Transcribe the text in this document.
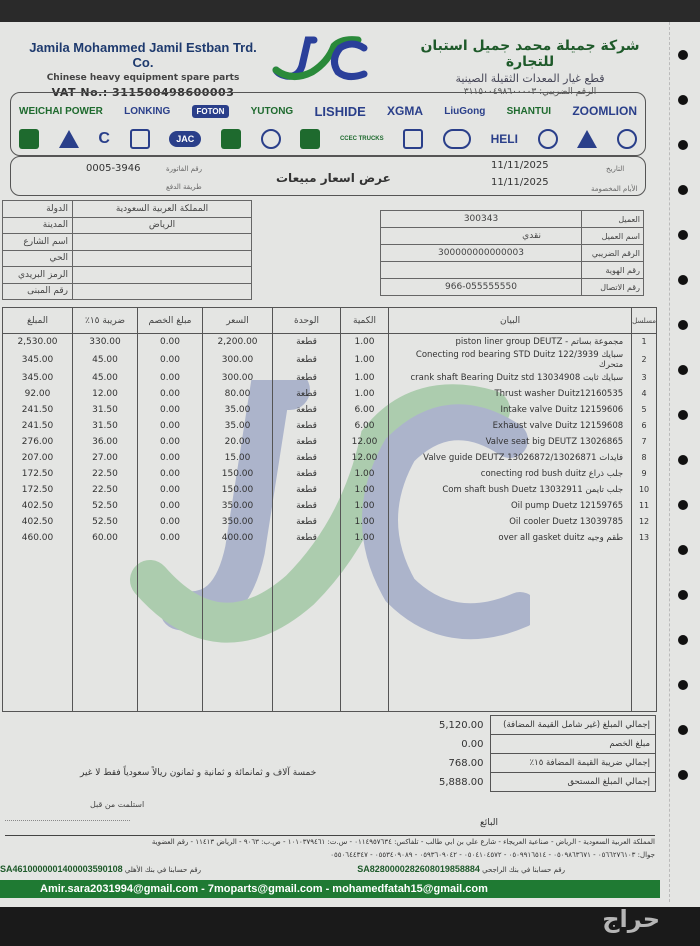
Jamila Mohammed Jamil Estban Trd. Co.
Chinese heavy equipment spare parts
VAT No.: 311500498600003
شركة جميلة محمد جميل استبان للتجارة
قطع غيار المعدات الثقيلة الصينية
الرقم الضريبي: ٣١١٥٠٠٤٩٨٦٠٠٠٠٣
WEICHAI POWER LONKING	FOTON	YUTONG LISHIDE XGMA LiuGong SHANTUI ZOOMLION
C	JAC	CCEC TRUCKS	HELI
0005-3946	رقم الفاتورة
طريقة الدفع
عرض اسعار مبيعات
11/11/2025	التاريخ
11/11/2025
الأيام المخصومة
الدولة	المملكة العربية السعودية
المدينة	الرياض
اسم الشارع	
الحي	
الرمز البريدي	
رقم المبنى	
300343	العميل
نقدي	اسم العميل
300000000000003	الرقم الضريبي
	رقم الهوية
966-055555550	رقم الاتصال
المبلغ	ضريبة ١٥٪	مبلغ الخصم	السعر	الوحدة	الكمية	البيان	مسلسل
2,530.00	330.00	0.00	2,200.00	قطعة	1.00	piston liner group DEUTZ - مجموعة بساتم	1
345.00	45.00	0.00	300.00	قطعة	1.00	Conecting rod bearing STD Duitz 122/3939 سبايك متحرك	2
345.00	45.00	0.00	300.00	قطعة	1.00	crank shaft Bearing Duitz std 13034908 سبايك ثابت	3
92.00	12.00	0.00	80.00	قطعة	1.00	Thrust washer Duitz12160535	4
241.50	31.50	0.00	35.00	قطعة	6.00	Intake valve Duitz 12159606	5
241.50	31.50	0.00	35.00	قطعة	6.00	Exhaust valve Duitz 12159608	6
276.00	36.00	0.00	20.00	قطعة	12.00	Valve seat big DEUTZ 13026865	7
207.00	27.00	0.00	15.00	قطعة	12.00	Valve guide DEUTZ 13026872/13026871 فايدات	8
172.50	22.50	0.00	150.00	قطعة	1.00	conecting rod bush duitz جلب ذراع	9
172.50	22.50	0.00	150.00	قطعة	1.00	Com shaft bush Duetz 13032911 جلب تايمن	10
402.50	52.50	0.00	350.00	قطعة	1.00	Oil pump Duetz 12159765	11
402.50	52.50	0.00	350.00	قطعة	1.00	Oil cooler Duetz 13039785	12
460.00	60.00	0.00	400.00	قطعة	1.00	over all gasket duitz طقم وجيه	13

5,120.00	إجمالي المبلغ (غير شامل القيمة المضافة)
0.00	مبلغ الخصم
768.00	إجمالي ضريبة القيمة المضافة ١٥٪
5,888.00	إجمالي المبلغ المستحق
خمسة آلاف و ثمانمائة و ثمانية و ثمانون ريالاً سعودياً فقط لا غير
استلمت من قبل
البائع
المملكة العربية السعودية - الرياض - صناعية العريجاء - شارع علي بن ابي طالب - تلفاكس: ٠١١٤٩٥٧٦٣٤ - س.ت: ١٠١٠٣٧٩٤٦١ - ص.ب: ٩٠٦٣ - الرياض ١١٤١٣ - رقم العضوية
جوال: ٠٥٦٦٢٧٦١٠٣ - ٠٥٠٩٨٦٣٦٧١ - ٠٥٠٩٩١٦٥١٤ - ٠٥٠٤١٠٤٥٧٢ - ٠٥٩٣٦٠٩٠٤٢ - ٠٥٥٣٤٠٩٠٨٩ - ٠٥٥٠٦٤٤٣٤٧
SA4610000001400003590108 رقم حسابنا في بنك الأهلي	SA8280000282608019858884 رقم حسابنا في بنك الراجحي
Amir.sara2031994@gmail.com - 7moparts@gmail.com - mohamedfatah15@gmail.com
حراج
